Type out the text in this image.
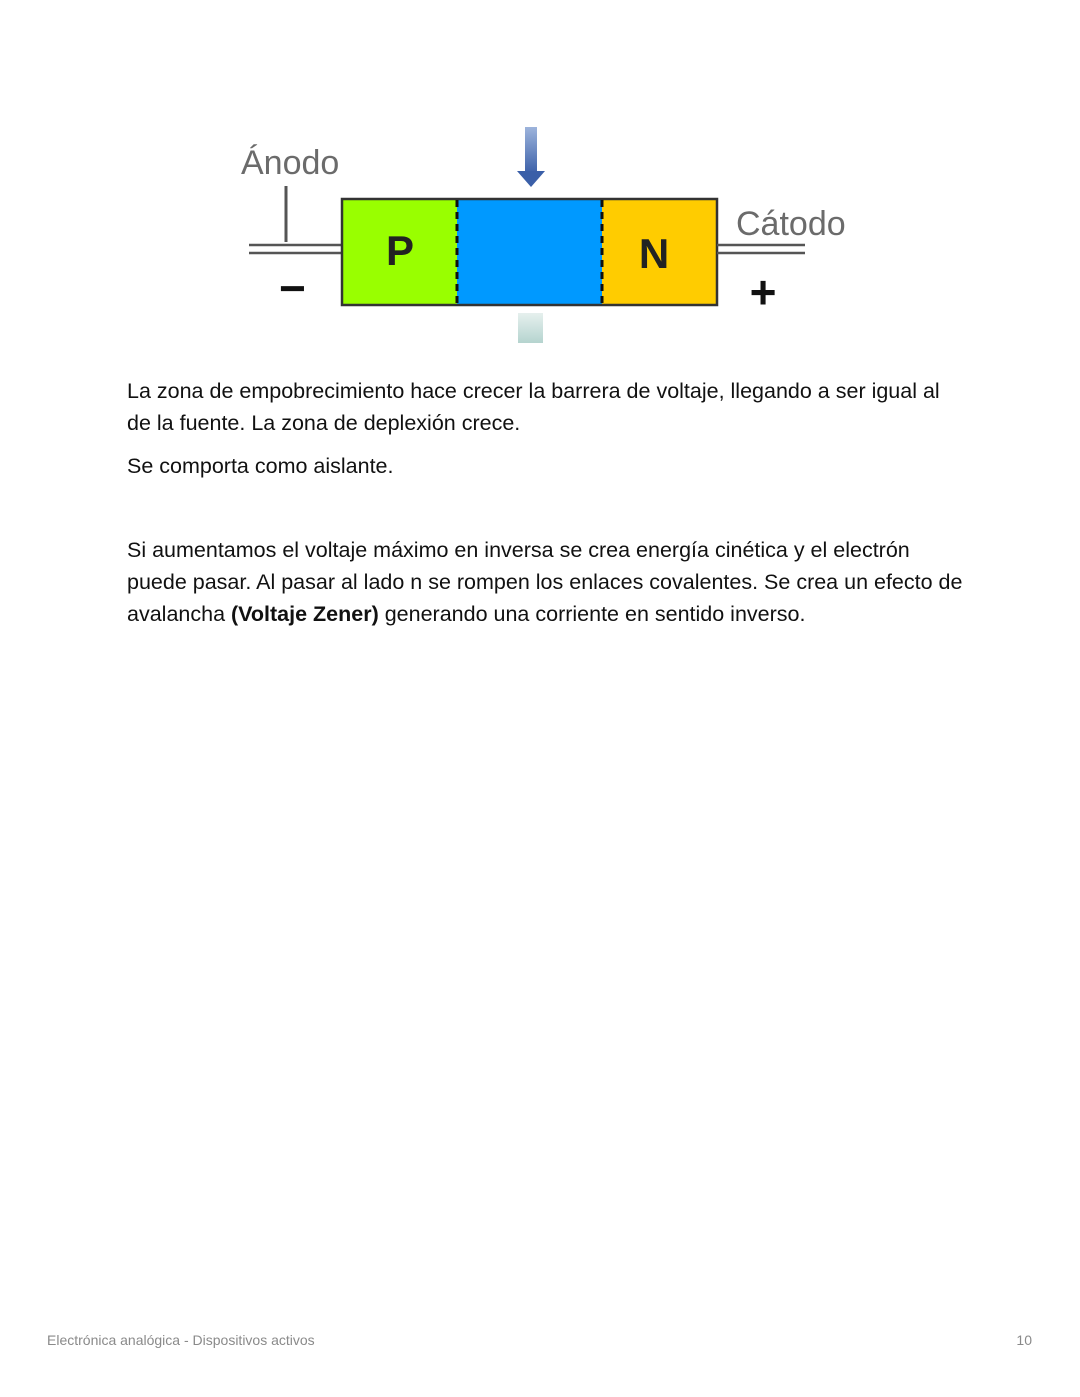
Ánodo
−
P	N
Cátodo
+

La zona de empobrecimiento hace crecer la barrera de voltaje, llegando a ser igual al de la fuente. La zona de deplexión crece.

Se comporta como aislante.

Si aumentamos el voltaje máximo en inversa se crea energía cinética y el electrón puede pasar. Al pasar al lado n se rompen los enlaces covalentes. Se crea un efecto de avalancha (Voltaje Zener) generando una corriente en sentido inverso.

Electrónica analógica - Dispositivos activos	10
